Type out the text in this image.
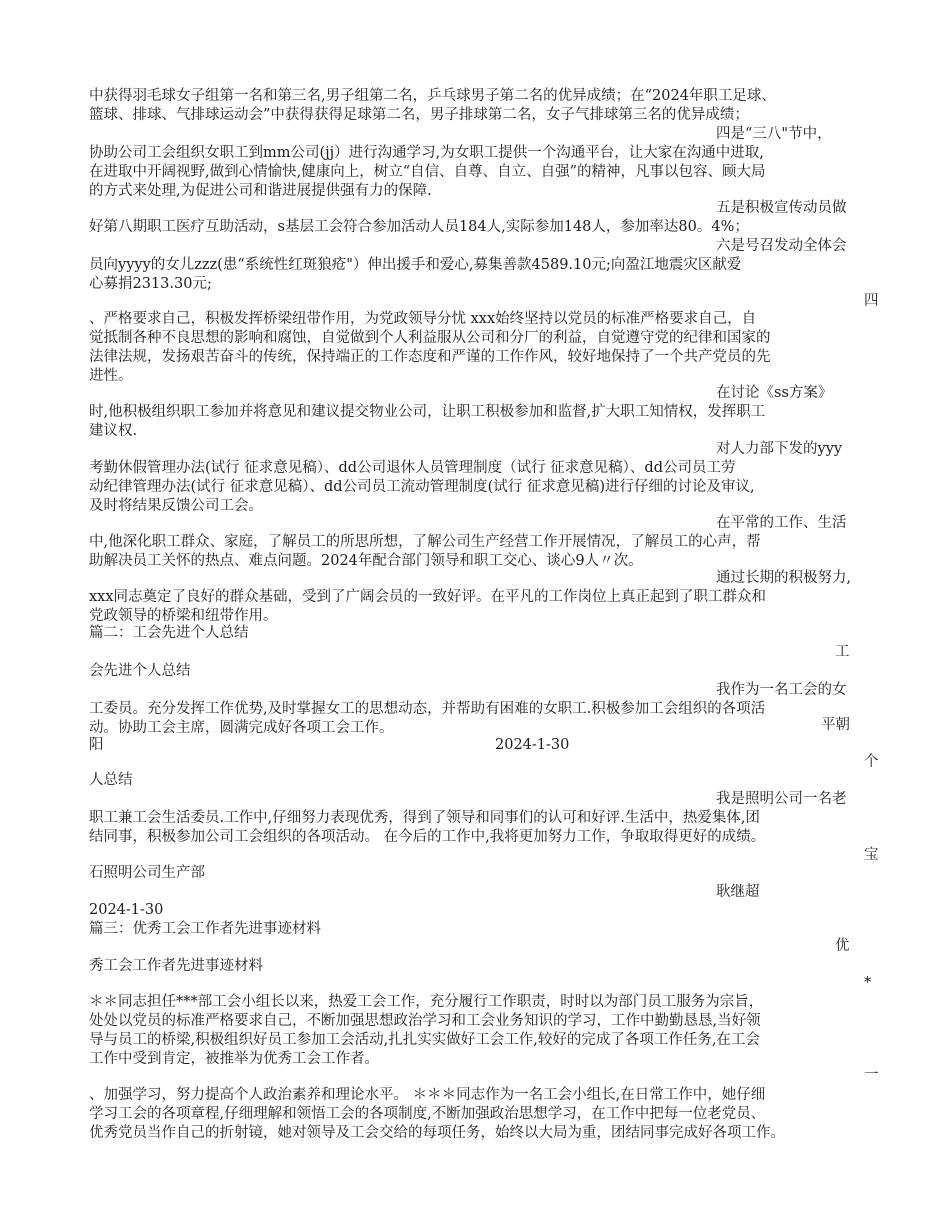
中获得羽毛球女子组第一名和第三名,男子组第二名，乒乓球男子第二名的优异成绩；在“2024年职工足球、

篮球、排球、气排球运动会”中获得获得足球第二名，男子排球第二名，女子气排球第三名的优异成绩；

四是“三八"节中，

协助公司工会组织女职工到mm公司(jj）进行沟通学习,为女职工提供一个沟通平台，让大家在沟通中进取,

在进取中开阔视野,做到心情愉快,健康向上，树立“自信、自尊、自立、自强”的精神，凡事以包容、顾大局

的方式来处理,为促进公司和谐进展提供强有力的保障.

五是积极宣传动员做

好第八期职工医疗互助活动，s基层工会符合参加活动人员184人,实际参加148人，参加率达80。4%；

六是号召发动全体会

员向yyyy的女儿zzz(患“系统性红斑狼疮"）伸出援手和爱心,募集善款4589.10元;向盈江地震灾区献爱

心募捐2313.30元;

四

、严格要求自己，积极发挥桥梁纽带作用，为党政领导分忧 xxx始终坚持以党员的标准严格要求自己，自

觉抵制各种不良思想的影响和腐蚀，自觉做到个人利益服从公司和分厂的利益，自觉遵守党的纪律和国家的

法律法规，发扬艰苦奋斗的传统，保持端正的工作态度和严谨的工作作风，较好地保持了一个共产党员的先

进性。

在讨论《ss方案》

时,他积极组织职工参加并将意见和建议提交物业公司，让职工积极参加和监督,扩大职工知情权，发挥职工

建议权.

对人力部下发的yyy

考勤休假管理办法(试行 征求意见稿）、dd公司退休人员管理制度（试行 征求意见稿）、dd公司员工劳

动纪律管理办法(试行 征求意见稿）、dd公司员工流动管理制度(试行 征求意见稿)进行仔细的讨论及审议,

及时将结果反馈公司工会。

在平常的工作、生活

中,他深化职工群众、家庭，了解员工的所思所想，了解公司生产经营工作开展情况，了解员工的心声，帮

助解决员工关怀的热点、难点问题。2024年配合部门领导和职工交心、谈心9人〃次。

通过长期的积极努力,

xxx同志奠定了良好的群众基础，受到了广阔会员的一致好评。在平凡的工作岗位上真正起到了职工群众和

党政领导的桥梁和纽带作用。

篇二：工会先进个人总结

工

会先进个人总结

我作为一名工会的女

工委员。充分发挥工作优势,及时掌握女工的思想动态，并帮助有困难的女职工.积极参加工会组织的各项活

动。协助工会主席，圆满完成好各项工会工作。	平朝

阳	2024-1-30

个

人总结

我是照明公司一名老

职工兼工会生活委员.工作中,仔细努力表现优秀，得到了领导和同事们的认可和好评.生活中，热爱集体,团

结同事，积极参加公司工会组织的各项活动。 在今后的工作中,我将更加努力工作，争取取得更好的成绩。

宝

石照明公司生产部

耿继超

2024-1-30

篇三：优秀工会工作者先进事迹材料

优

秀工会工作者先进事迹材料

*

＊＊同志担任***部工会小组长以来，热爱工会工作，充分履行工作职责，时时以为部门员工服务为宗旨，

处处以党员的标准严格要求自己，不断加强思想政治学习和工会业务知识的学习，工作中勤勤恳恳,当好领

导与员工的桥梁,积极组织好员工参加工会活动,扎扎实实做好工会工作,较好的完成了各项工作任务,在工会

工作中受到肯定，被推举为优秀工会工作者。

一

、加强学习，努力提高个人政治素养和理论水平。 ＊＊＊同志作为一名工会小组长,在日常工作中，她仔细

学习工会的各项章程,仔细理解和领悟工会的各项制度,不断加强政治思想学习，在工作中把每一位老党员、

优秀党员当作自己的折射镜，她对领导及工会交给的每项任务，始终以大局为重，团结同事完成好各项工作。
